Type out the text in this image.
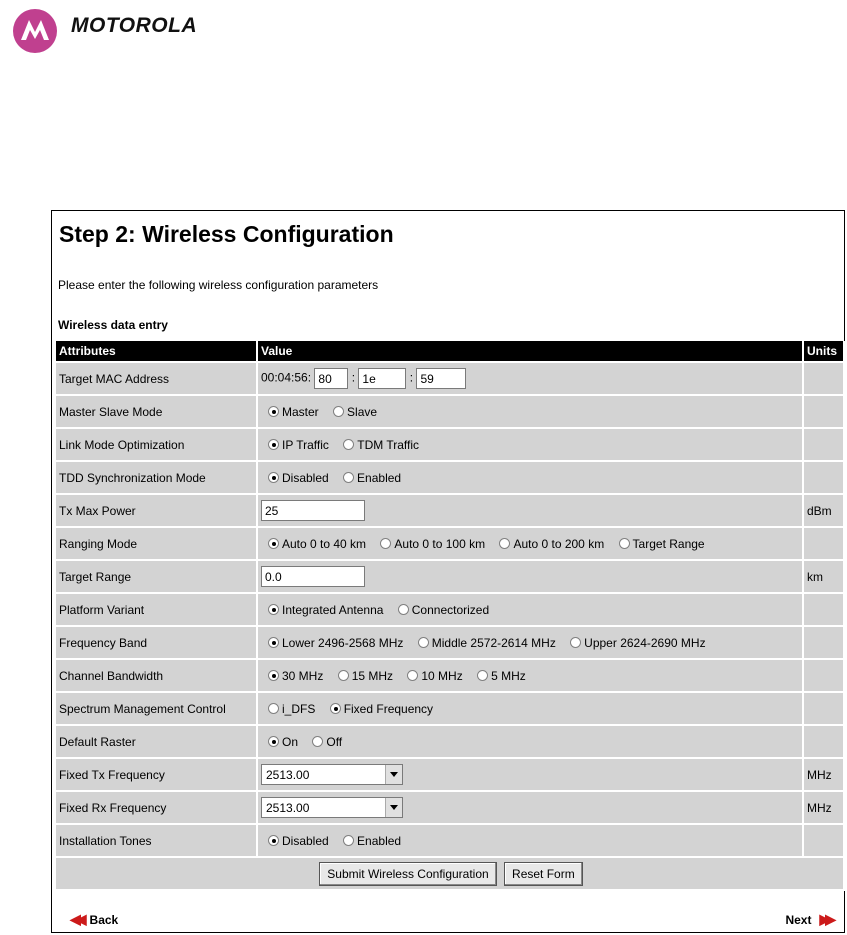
MOTOROLA
Step 2: Wireless Configuration
Please enter the following wireless configuration parameters
Wireless data entry
Attributes	Value	Units
Target MAC Address	00:04:56: 80 : 1e : 59	
Master Slave Mode	Master Slave	
Link Mode Optimization	IP Traffic TDM Traffic	
TDD Synchronization Mode	Disabled Enabled	
Tx Max Power	25	dBm
Ranging Mode	Auto 0 to 40 km Auto 0 to 100 km Auto 0 to 200 km Target Range	
Target Range	0.0	km
Platform Variant	Integrated Antenna Connectorized	
Frequency Band	Lower 2496-2568 MHz Middle 2572-2614 MHz Upper 2624-2690 MHz	
Channel Bandwidth	30 MHz 15 MHz 10 MHz 5 MHz	
Spectrum Management Control	i_DFS Fixed Frequency	
Default Raster	On Off	
Fixed Tx Frequency	2513.00	MHz
Fixed Rx Frequency	2513.00	MHz
Installation Tones	Disabled Enabled	
Submit Wireless Configuration Reset Form		
◀◀ Back	Next ▶▶
